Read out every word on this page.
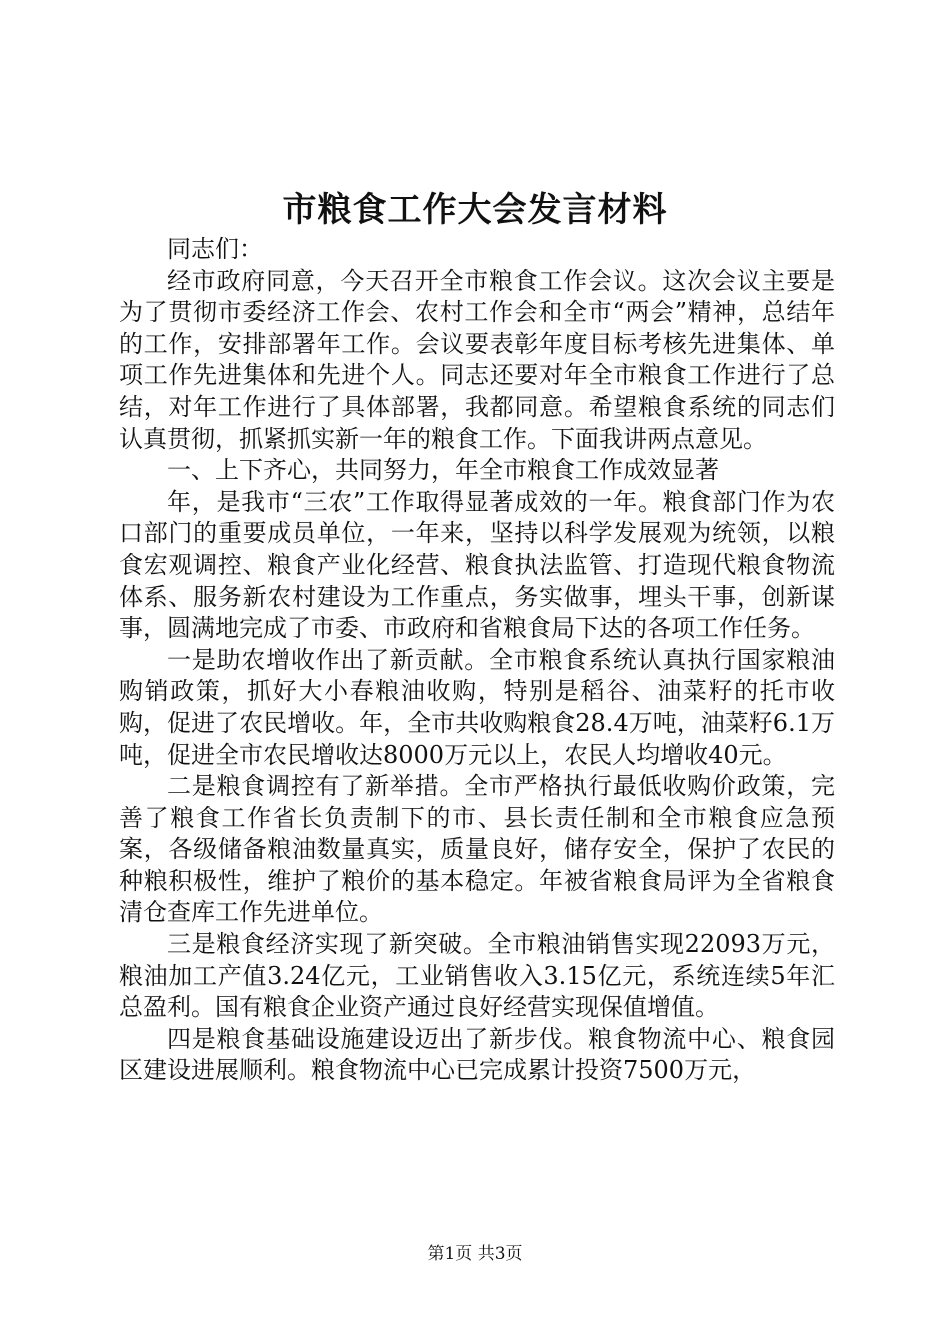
市粮食工作大会发言材料

同志们：

经市政府同意，今天召开全市粮食工作会议。这次会议主要是为了贯彻市委经济工作会、农村工作会和全市“两会”精神，总结年的工作，安排部署年工作。会议要表彰年度目标考核先进集体、单项工作先进集体和先进个人。同志还要对年全市粮食工作进行了总结，对年工作进行了具体部署，我都同意。希望粮食系统的同志们认真贯彻，抓紧抓实新一年的粮食工作。下面我讲两点意见。

一、上下齐心，共同努力，年全市粮食工作成效显著

年，是我市“三农”工作取得显著成效的一年。粮食部门作为农口部门的重要成员单位，一年来，坚持以科学发展观为统领，以粮食宏观调控、粮食产业化经营、粮食执法监管、打造现代粮食物流体系、服务新农村建设为工作重点，务实做事，埋头干事，创新谋事，圆满地完成了市委、市政府和省粮食局下达的各项工作任务。

一是助农增收作出了新贡献。全市粮食系统认真执行国家粮油购销政策，抓好大小春粮油收购，特别是稻谷、油菜籽的托市收购，促进了农民增收。年，全市共收购粮食28.4万吨，油菜籽6.1万吨，促进全市农民增收达8000万元以上，农民人均增收40元。

二是粮食调控有了新举措。全市严格执行最低收购价政策，完善了粮食工作省长负责制下的市、县长责任制和全市粮食应急预案，各级储备粮油数量真实，质量良好，储存安全，保护了农民的种粮积极性，维护了粮价的基本稳定。年被省粮食局评为全省粮食清仓查库工作先进单位。

三是粮食经济实现了新突破。全市粮油销售实现22093万元，粮油加工产值3.24亿元，工业销售收入3.15亿元，系统连续5年汇总盈利。国有粮食企业资产通过良好经营实现保值增值。

四是粮食基础设施建设迈出了新步伐。粮食物流中心、粮食园区建设进展顺利。粮食物流中心已完成累计投资7500万元，

第1页 共3页
